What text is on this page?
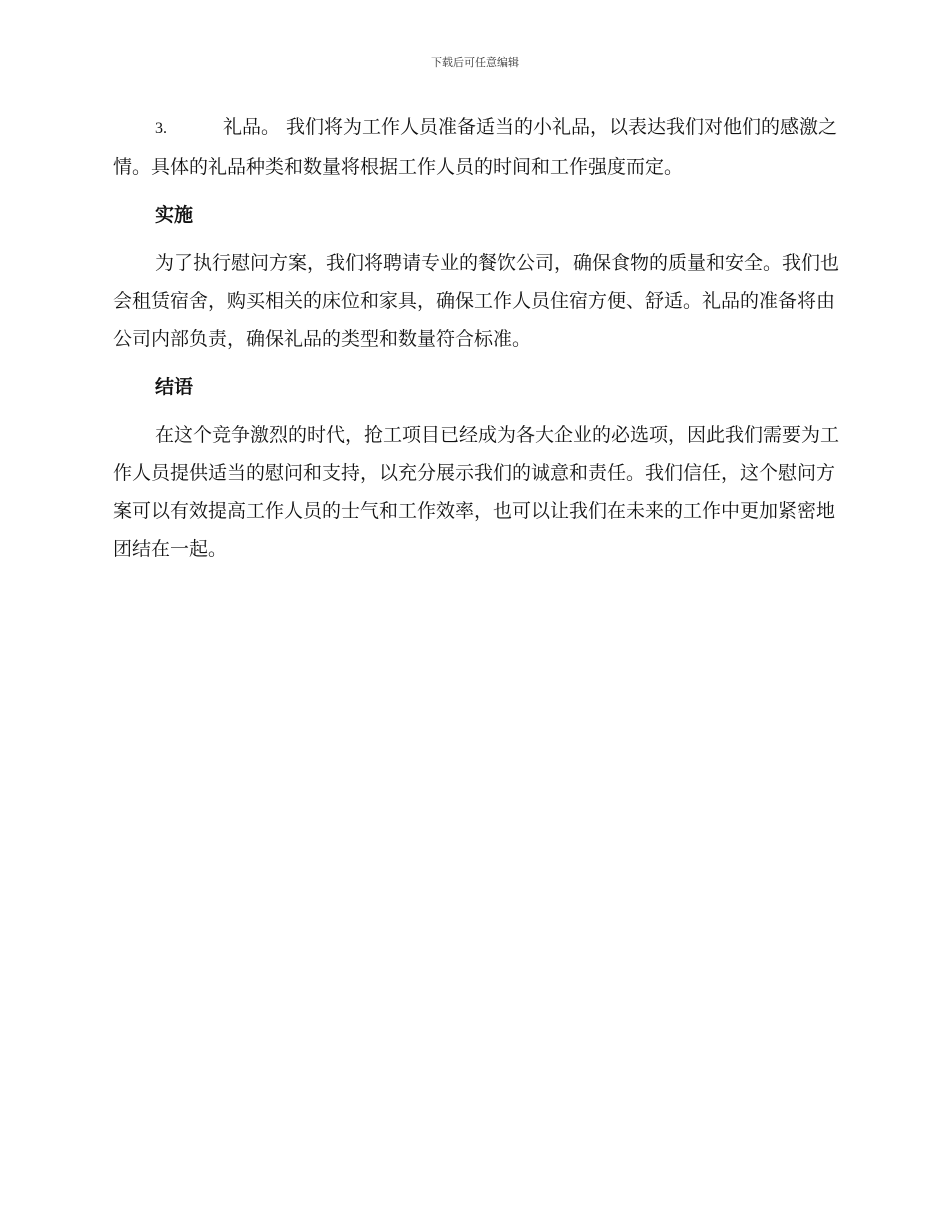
下载后可任意编辑

3.	礼品。 我们将为工作人员准备适当的小礼品，以表达我们对他们的感激之情。具体的礼品种类和数量将根据工作人员的时间和工作强度而定。

实施

为了执行慰问方案，我们将聘请专业的餐饮公司，确保食物的质量和安全。我们也会租赁宿舍，购买相关的床位和家具，确保工作人员住宿方便、舒适。礼品的准备将由公司内部负责，确保礼品的类型和数量符合标准。

结语

在这个竞争激烈的时代，抢工项目已经成为各大企业的必选项，因此我们需要为工作人员提供适当的慰问和支持，以充分展示我们的诚意和责任。我们信任，这个慰问方案可以有效提高工作人员的士气和工作效率，也可以让我们在未来的工作中更加紧密地团结在一起。
